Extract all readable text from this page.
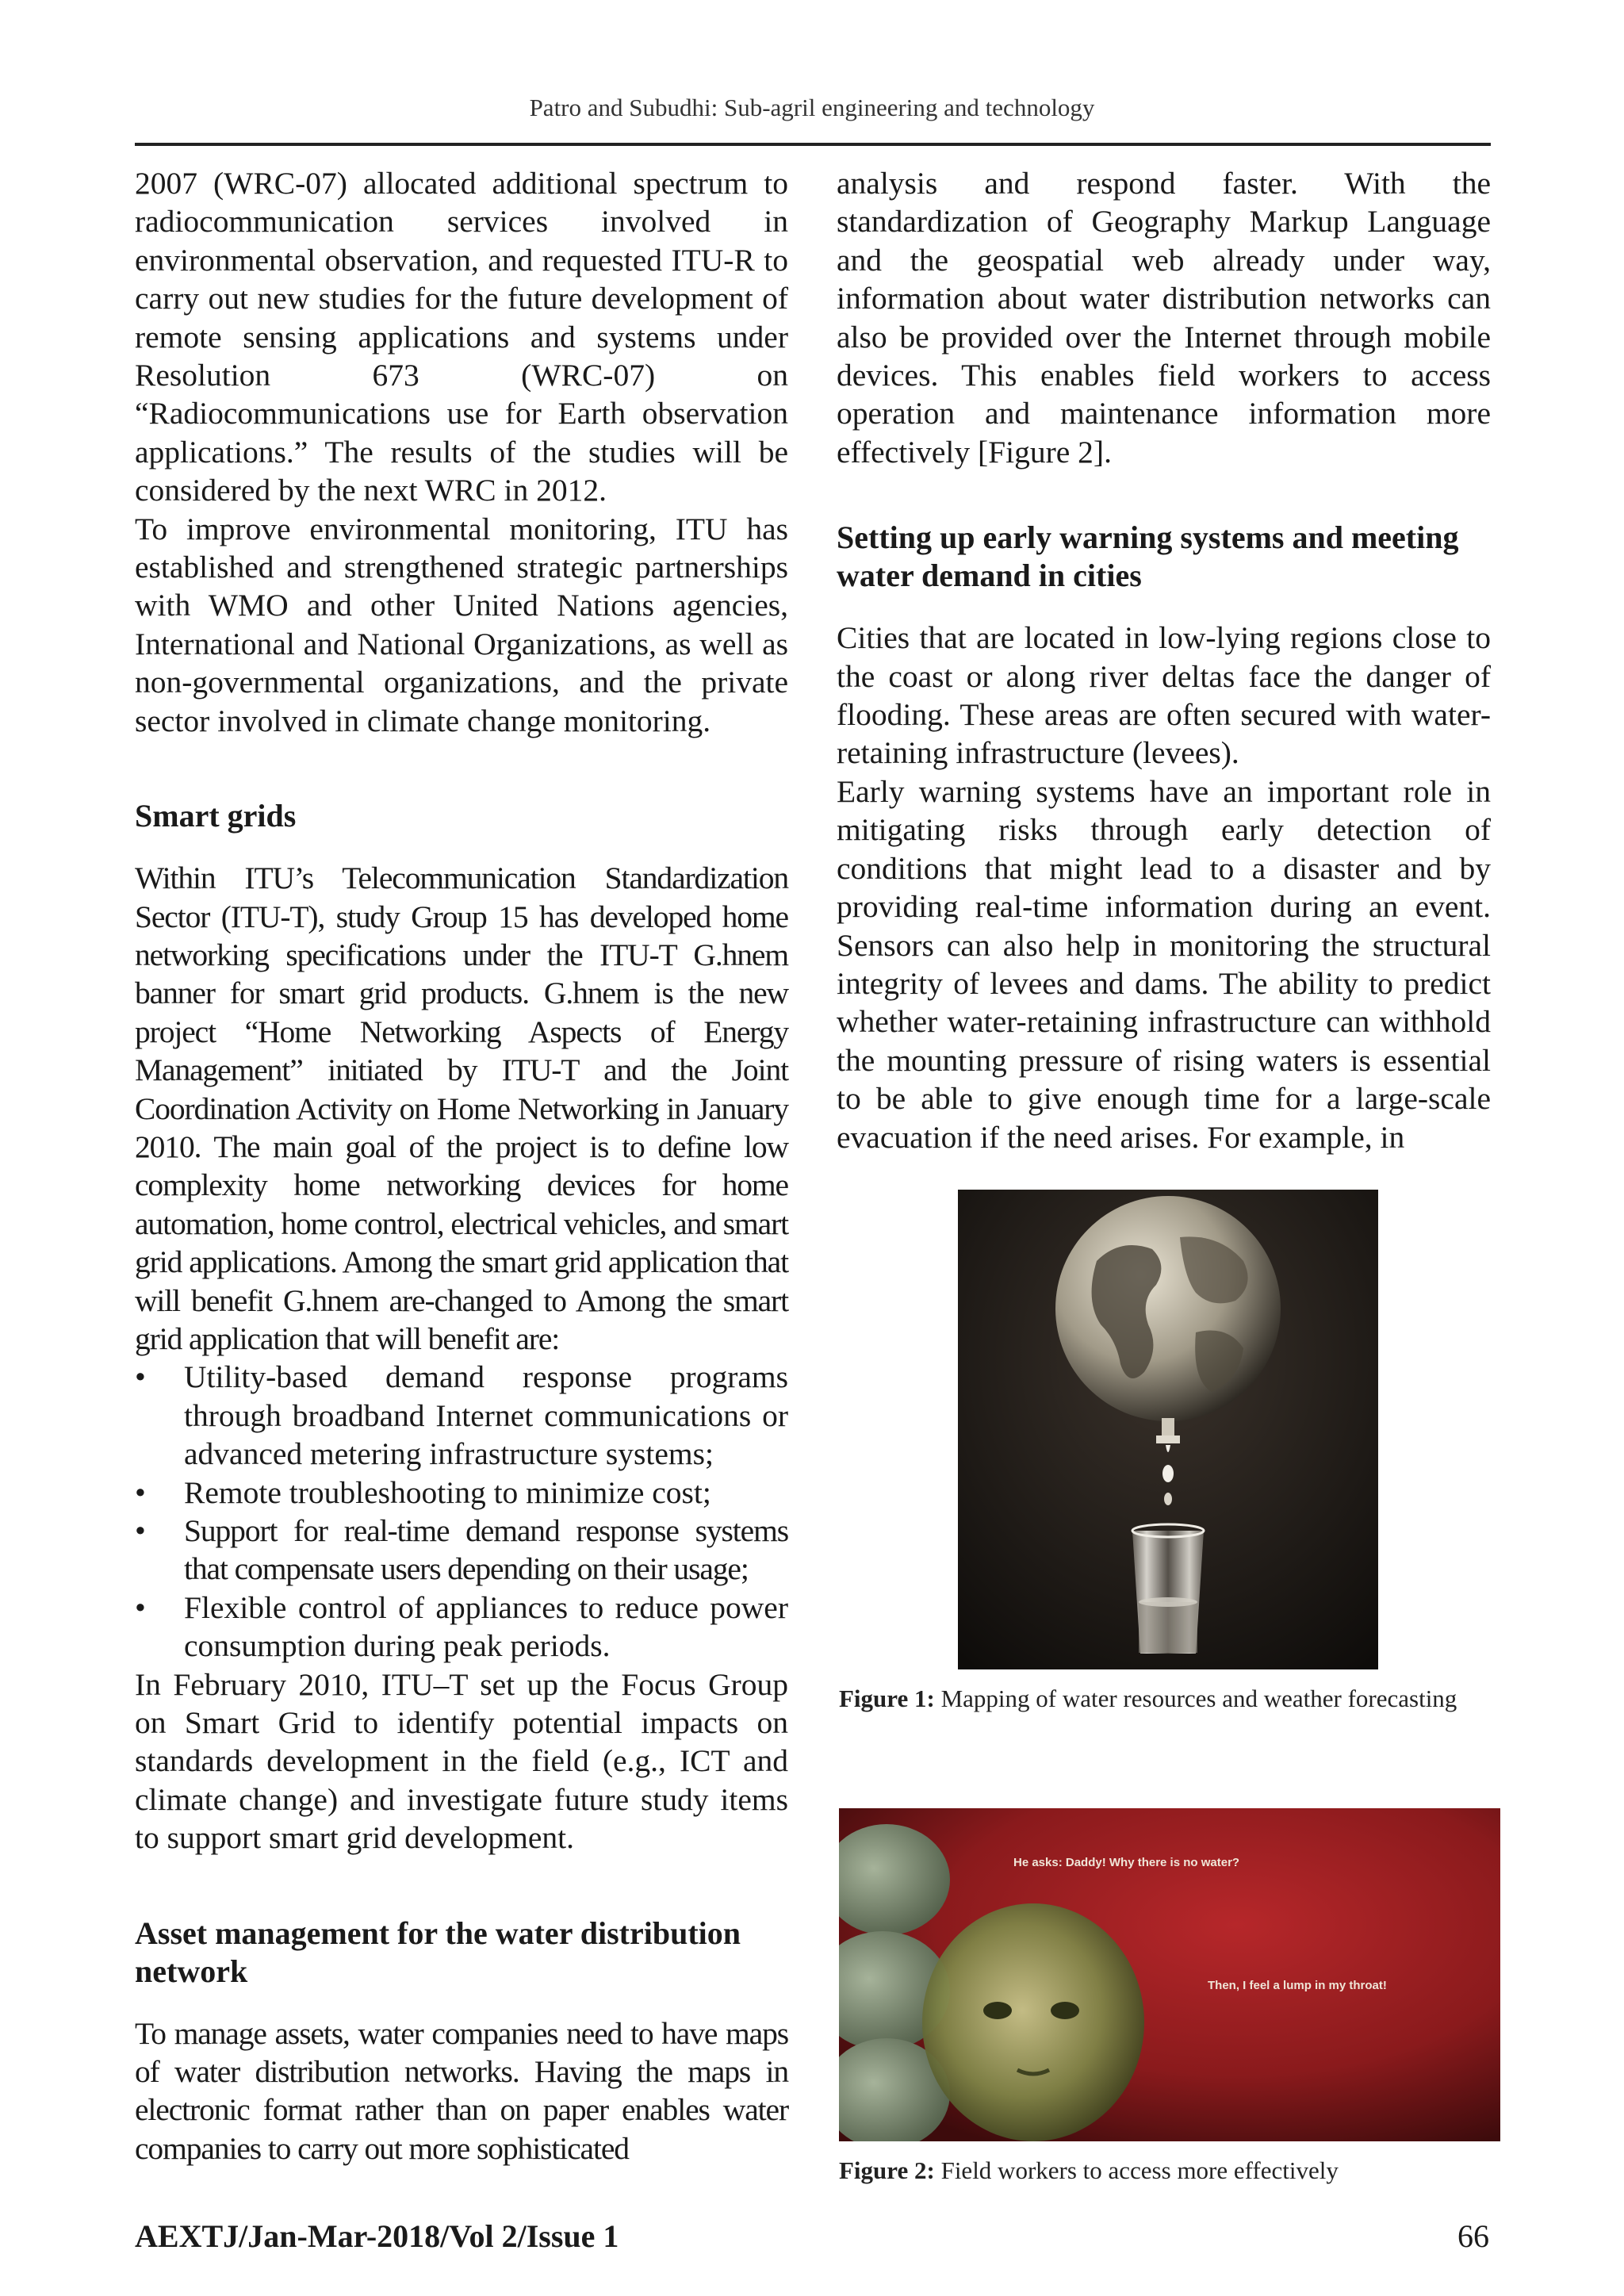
Patro and Subudhi: Sub-agril engineering and technology

2007 (WRC-07) allocated additional spectrum to radiocommunication services involved in environmental observation, and requested ITU-R to carry out new studies for the future development of remote sensing applications and systems under Resolution 673 (WRC-07) on “Radiocommunications use for Earth observation applications.” The results of the studies will be considered by the next WRC in 2012.

To improve environmental monitoring, ITU has established and strengthened strategic partnerships with WMO and other United Nations agencies, International and National Organizations, as well as non-governmental organizations, and the private sector involved in climate change monitoring.

Smart grids

Within ITU’s Telecommunication Standardization Sector (ITU-T), study Group 15 has developed home networking specifications under the ITU-T G.hnem banner for smart grid products. G.hnem is the new project “Home Networking Aspects of Energy Management” initiated by ITU-T and the Joint Coordination Activity on Home Networking in January 2010. The main goal of the project is to define low complexity home networking devices for home automation, home control, electrical vehicles, and smart grid applications. Among the smart grid application that will benefit G.hnem are-changed to Among the smart grid application that will benefit are:

• Utility-based demand response programs through broadband Internet communications or advanced metering infrastructure systems;
• Remote troubleshooting to minimize cost;
• Support for real-time demand response systems that compensate users depending on their usage;
• Flexible control of appliances to reduce power consumption during peak periods.

In February 2010, ITU–T set up the Focus Group on Smart Grid to identify potential impacts on standards development in the field (e.g., ICT and climate change) and investigate future study items to support smart grid development.

Asset management for the water distribution network

To manage assets, water companies need to have maps of water distribution networks. Having the maps in electronic format rather than on paper enables water companies to carry out more sophisticated

analysis and respond faster. With the standardization of Geography Markup Language and the geospatial web already under way, information about water distribution networks can also be provided over the Internet through mobile devices. This enables field workers to access operation and maintenance information more effectively [Figure 2].

Setting up early warning systems and meeting water demand in cities

Cities that are located in low-lying regions close to the coast or along river deltas face the danger of flooding. These areas are often secured with water-retaining infrastructure (levees).

Early warning systems have an important role in mitigating risks through early detection of conditions that might lead to a disaster and by providing real-time information during an event. Sensors can also help in monitoring the structural integrity of levees and dams. The ability to predict whether water-retaining infrastructure can withhold the mounting pressure of rising waters is essential to be able to give enough time for a large-scale evacuation if the need arises. For example, in

Figure 1: Mapping of water resources and weather forecasting
He asks: Daddy! Why there is no water?
Then, I feel a lump in my throat!
Figure 2: Field workers to access more effectively
AEXTJ/Jan-Mar-2018/Vol 2/Issue 1	66
